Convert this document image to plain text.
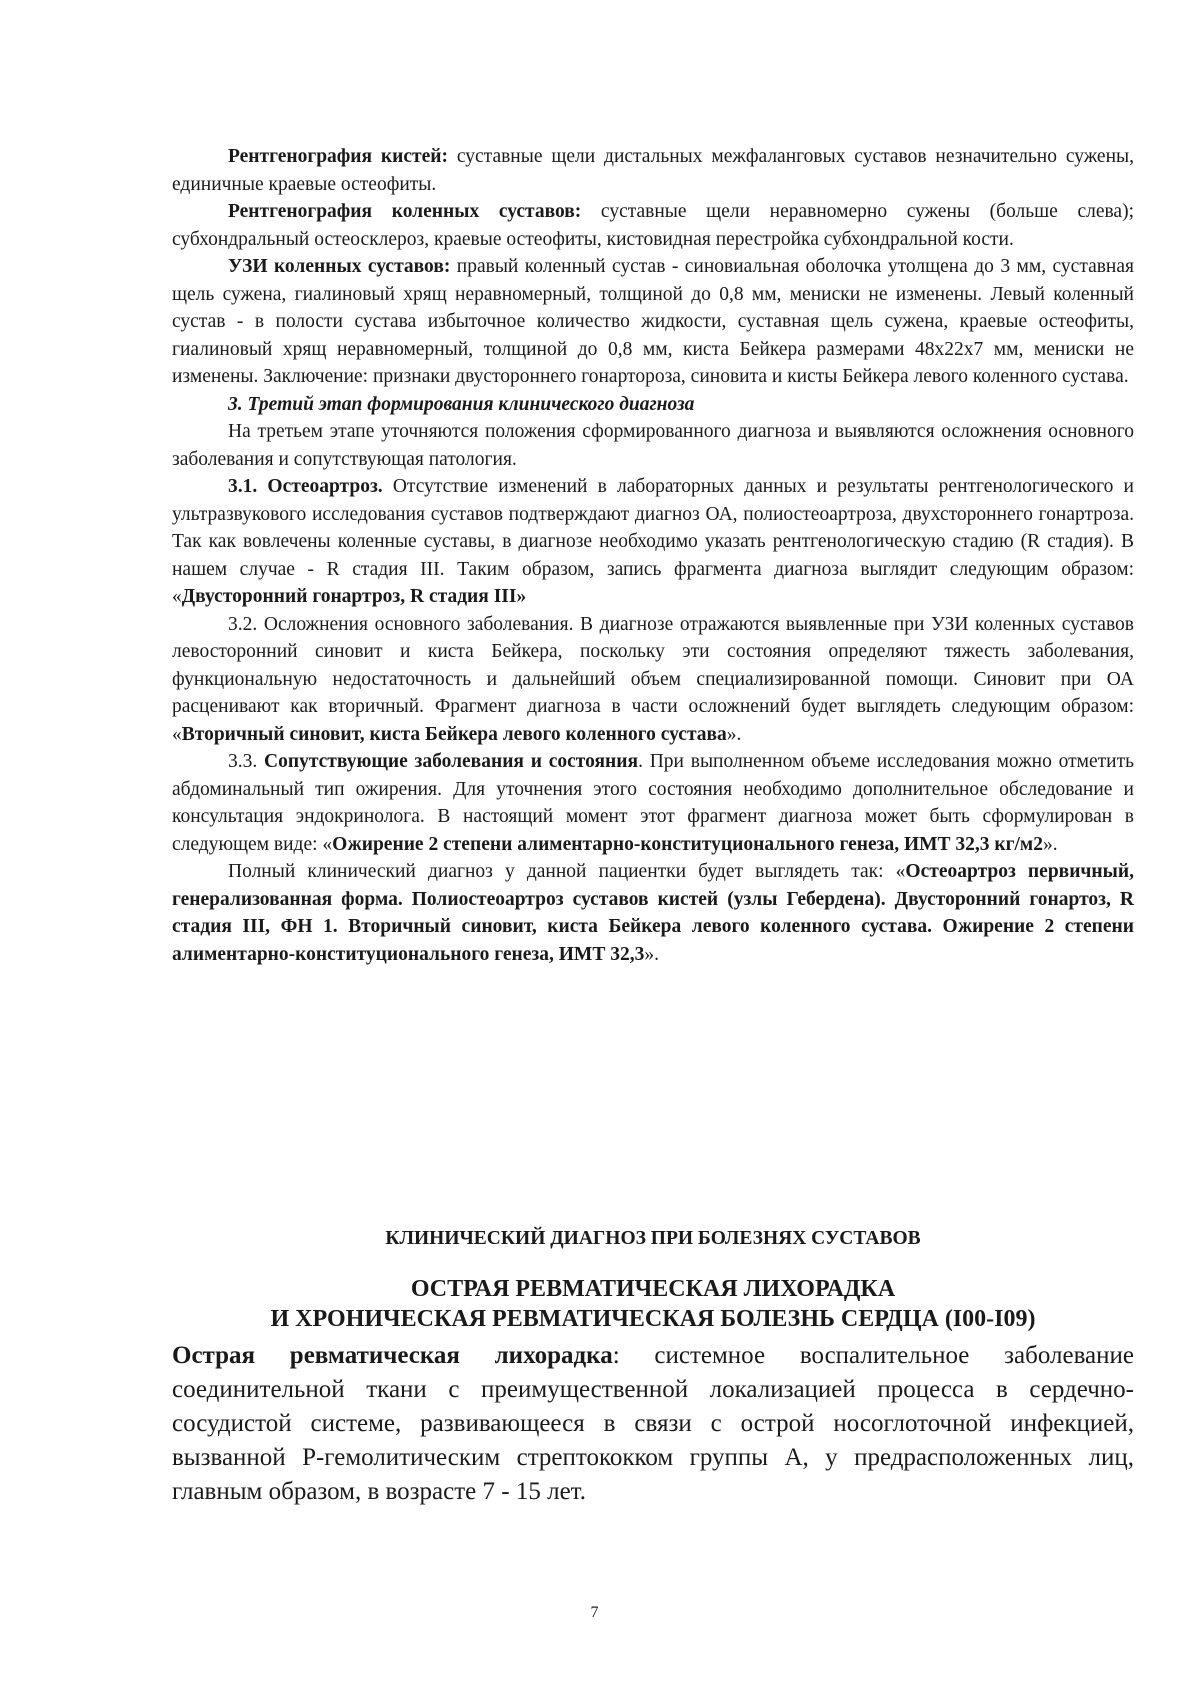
Рентгенография кистей: суставные щели дистальных межфаланговых суставов незначительно сужены, единичные краевые остеофиты.

Рентгенография коленных суставов: суставные щели неравномерно сужены (больше слева); субхондральный остеосклероз, краевые остеофиты, кистовидная перестройка субхондральной кости.

УЗИ коленных суставов: правый коленный сустав - синовиальная оболочка утолщена до 3 мм, суставная щель сужена, гиалиновый хрящ неравномерный, толщиной до 0,8 мм, мениски не изменены. Левый коленный сустав - в полости сустава избыточное количество жидкости, суставная щель сужена, краевые остеофиты, гиалиновый хрящ неравномерный, толщиной до 0,8 мм, киста Бейкера размерами 48х22х7 мм, мениски не изменены. Заключение: признаки двустороннего гонартороза, синовита и кисты Бейкера левого коленного сустава.

3. Третий этап формирования клинического диагноза

На третьем этапе уточняются положения сформированного диагноза и выявляются осложнения основного заболевания и сопутствующая патология.

3.1. Остеоартроз. Отсутствие изменений в лабораторных данных и результаты рентгенологического и ультразвукового исследования суставов подтверждают диагноз ОА, полиостеоартроза, двухстороннего гонартроза. Так как вовлечены коленные суставы, в диагнозе необходимо указать рентгенологическую стадию (R стадия). В нашем случае - R стадия III. Таким образом, запись фрагмента диагноза выглядит следующим образом: «Двусторонний гонартроз, R стадия III»

3.2. Осложнения основного заболевания. В диагнозе отражаются выявленные при УЗИ коленных суставов левосторонний синовит и киста Бейкера, поскольку эти состояния определяют тяжесть заболевания, функциональную недостаточность и дальнейший объем специализированной помощи. Синовит при ОА расценивают как вторичный. Фрагмент диагноза в части осложнений будет выглядеть следующим образом: «Вторичный синовит, киста Бейкера левого коленного сустава».

3.3. Сопутствующие заболевания и состояния. При выполненном объеме исследования можно отметить абдоминальный тип ожирения. Для уточнения этого состояния необходимо дополнительное обследование и консультация эндокринолога. В настоящий момент этот фрагмент диагноза может быть сформулирован в следующем виде: «Ожирение 2 степени алиментарно-конституционального генеза, ИМТ 32,3 кг/м2».

Полный клинический диагноз у данной пациентки будет выглядеть так: «Остеоартроз первичный, генерализованная форма. Полиостеоартроз суставов кистей (узлы Гебердена). Двусторонний гонартоз, R стадия III, ФН 1. Вторичный синовит, киста Бейкера левого коленного сустава. Ожирение 2 степени алиментарно-конституционального генеза, ИМТ 32,3».

КЛИНИЧЕСКИЙ ДИАГНОЗ ПРИ БОЛЕЗНЯХ СУСТАВОВ

ОСТРАЯ РЕВМАТИЧЕСКАЯ ЛИХОРАДКА

И ХРОНИЧЕСКАЯ РЕВМАТИЧЕСКАЯ БОЛЕЗНЬ СЕРДЦА (I00-I09)

Острая ревматическая лихорадка: системное воспалительное заболевание соединительной ткани с преимущественной локализацией процесса в сердечно-сосудистой системе, развивающееся в связи с острой носоглоточной инфекцией, вызванной Р-гемолитическим стрептококком группы А, у предрасположенных лиц, главным образом, в возрасте 7 - 15 лет.

7
